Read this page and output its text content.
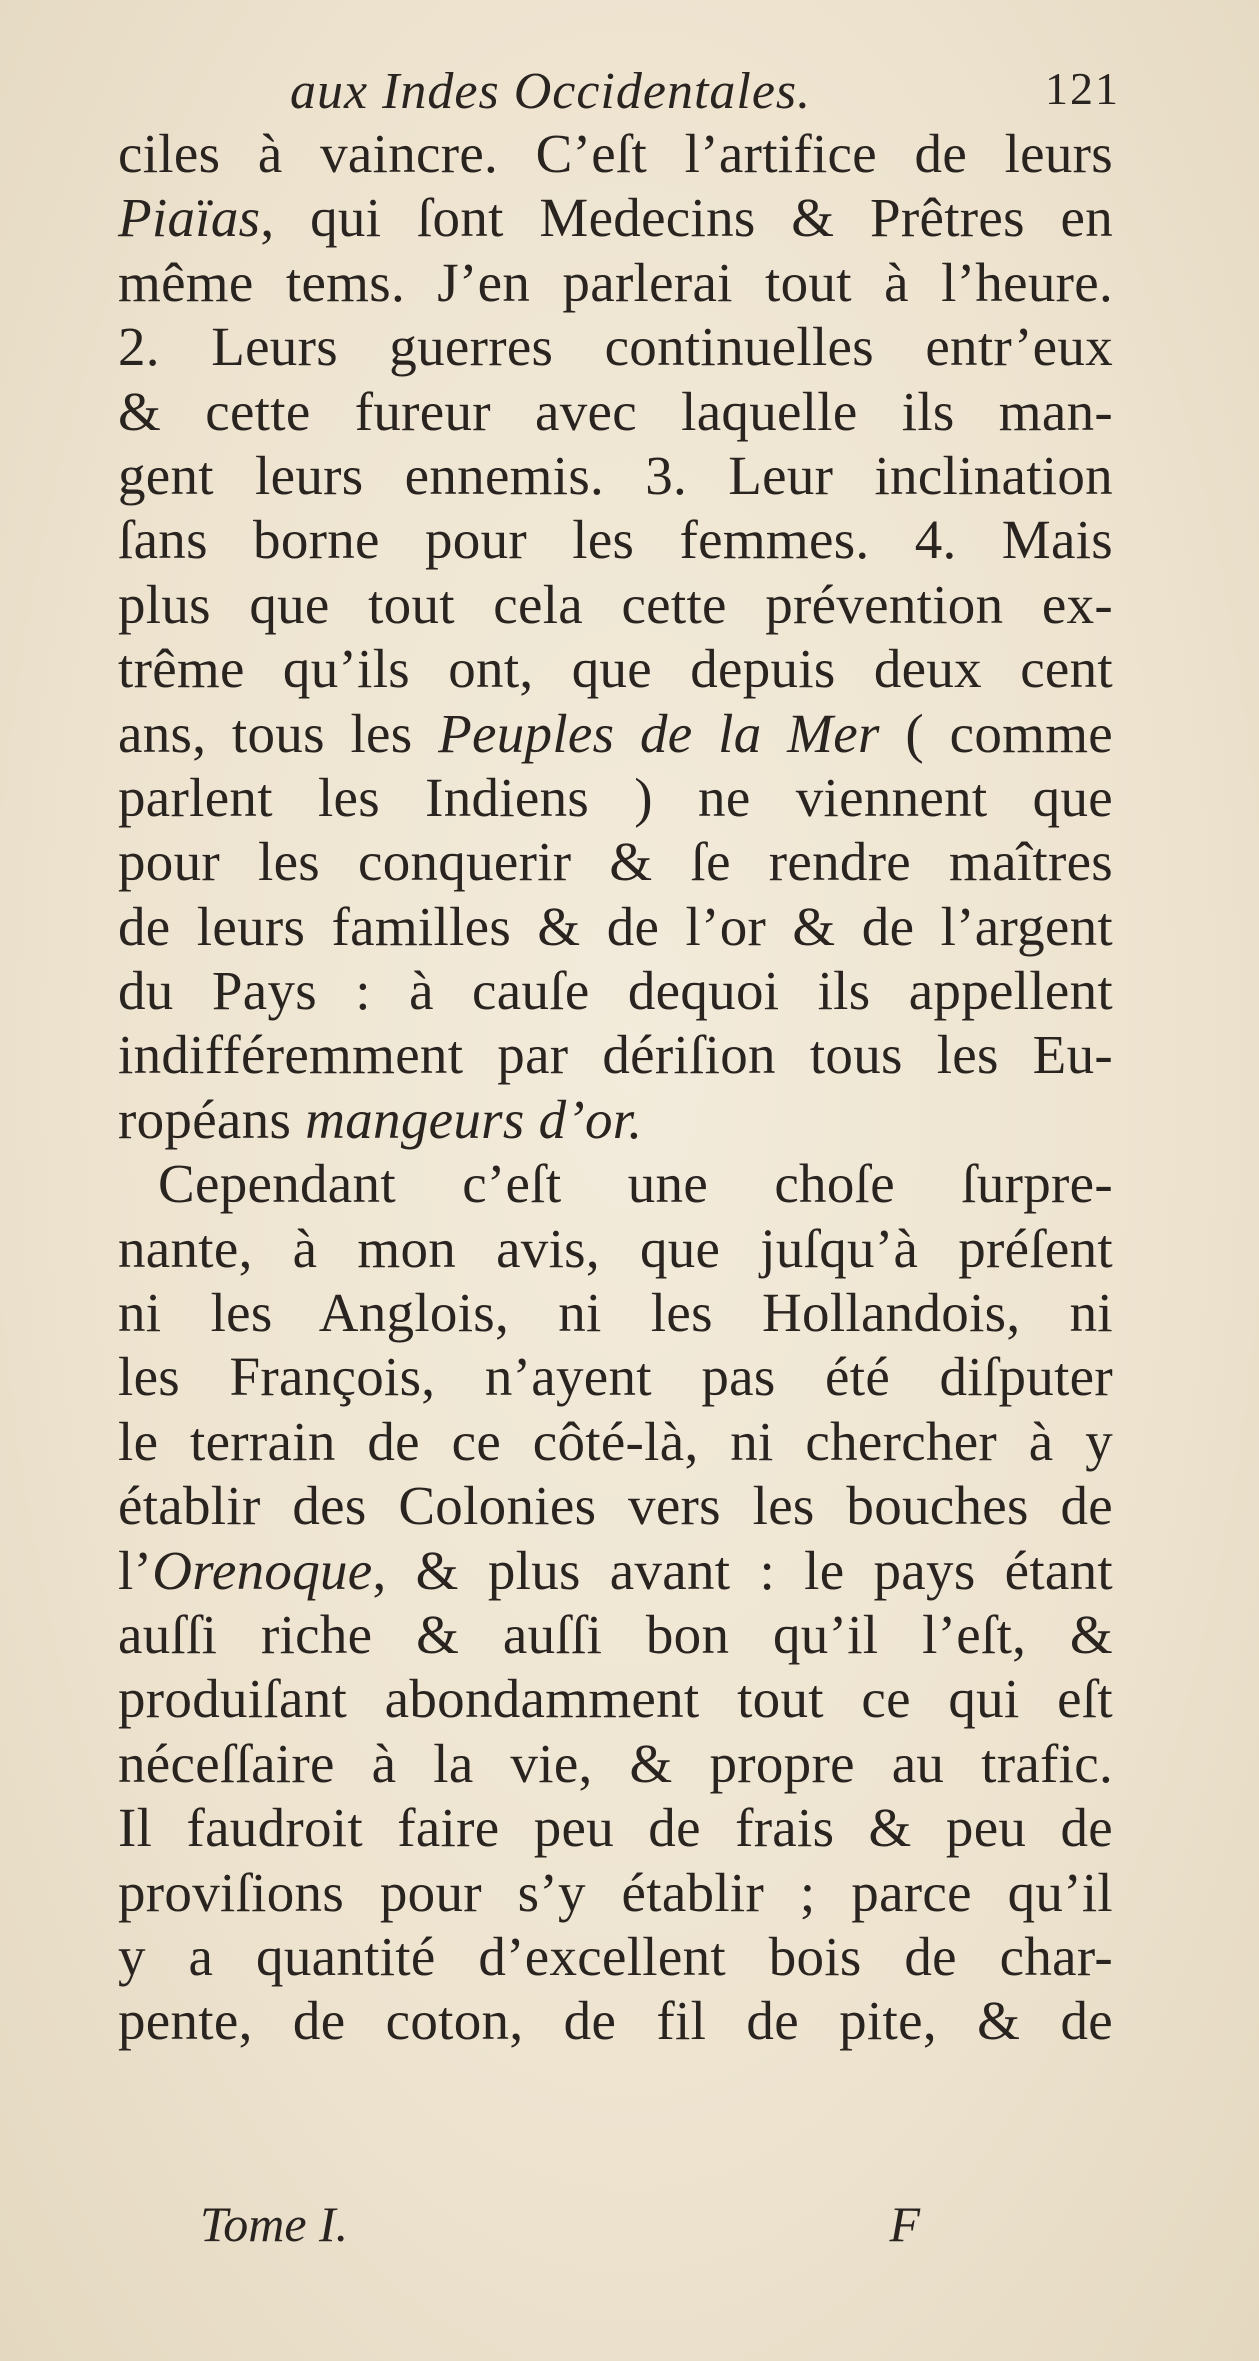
aux Indes Occidentales.	121
ciles à vaincre. C’eſt l’artifice de leurs
Piaïas, qui ſont Medecins & Prêtres en
même tems. J’en parlerai tout à l’heure.
2. Leurs guerres continuelles entr’eux
& cette fureur avec laquelle ils man-
gent leurs ennemis. 3. Leur inclination
ſans borne pour les femmes. 4. Mais
plus que tout cela cette prévention ex-
trême qu’ils ont, que depuis deux cent
ans, tous les Peuples de la Mer ( comme
parlent les Indiens ) ne viennent que
pour les conquerir & ſe rendre maîtres
de leurs familles & de l’or & de l’argent
du Pays : à cauſe dequoi ils appellent
indifféremment par dériſion tous les Eu-
ropéans mangeurs d’or.
Cependant c’eſt une choſe ſurpre-
nante, à mon avis, que juſqu’à préſent
ni les Anglois, ni les Hollandois, ni
les François, n’ayent pas été diſputer
le terrain de ce côté-là, ni chercher à y
établir des Colonies vers les bouches de
l’Orenoque, & plus avant : le pays étant
auſſi riche & auſſi bon qu’il l’eſt, &
produiſant abondamment tout ce qui eſt
néceſſaire à la vie, & propre au trafic.
Il faudroit faire peu de frais & peu de
proviſions pour s’y établir ; parce qu’il
y a quantité d’excellent bois de char-
pente, de coton, de fil de pite, & de
Tome I.	F
